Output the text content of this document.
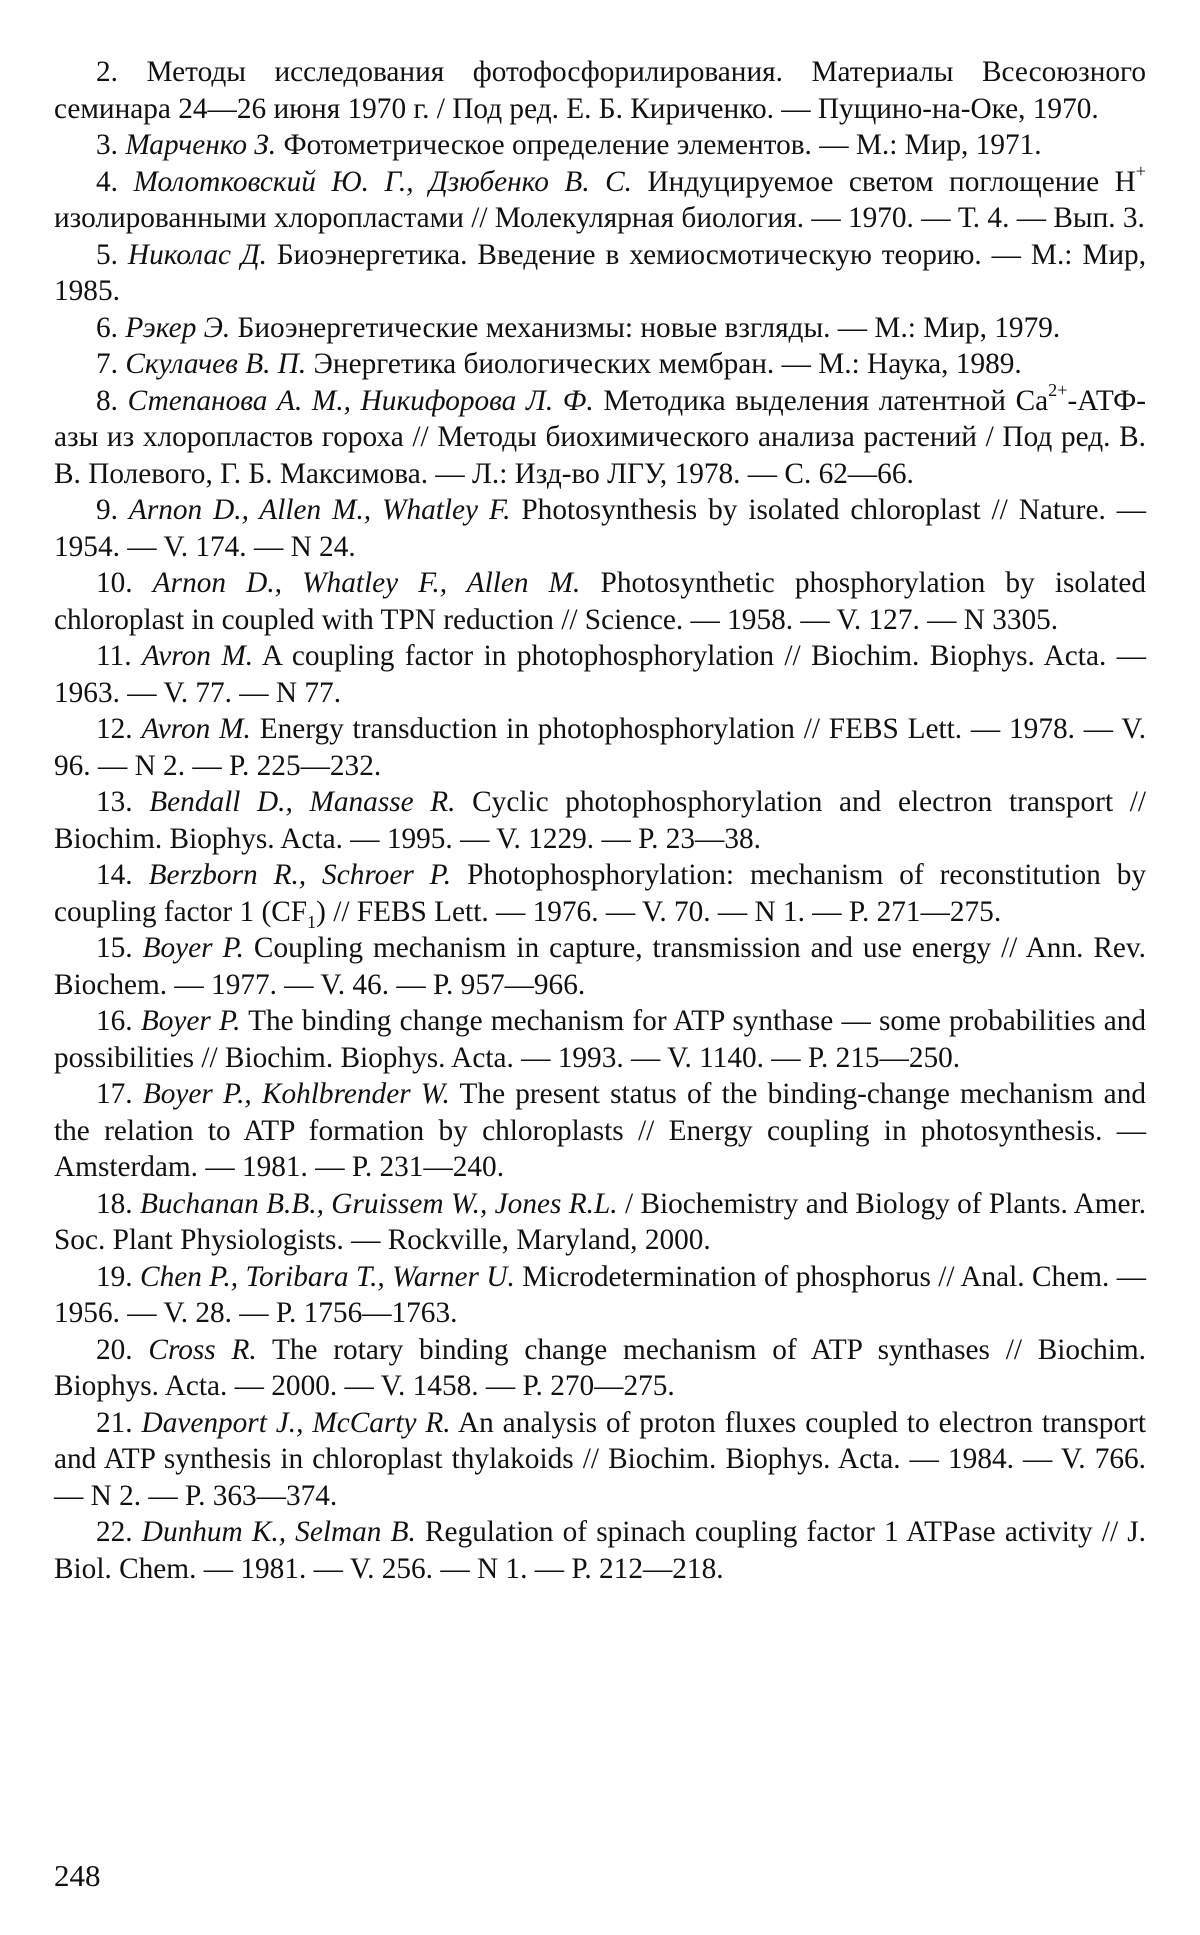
2. Методы исследования фотофосфорилирования. Материалы Всесоюзного семинара 24—26 июня 1970 г. / Под ред. Е. Б. Кириченко. — Пущино-на-Оке, 1970.

3. Марченко З. Фотометрическое определение элементов. — М.: Мир, 1971.

4. Молотковский Ю. Г., Дзюбенко В. С. Индуцируемое светом поглощение H+ изолированными хлоропластами // Молекулярная биология. — 1970. — Т. 4. — Вып. 3.

5. Николас Д. Биоэнергетика. Введение в хемиосмотическую теорию. — М.: Мир, 1985.

6. Рэкер Э. Биоэнергетические механизмы: новые взгляды. — М.: Мир, 1979.

7. Скулачев В. П. Энергетика биологических мембран. — М.: Наука, 1989.

8. Степанова А. М., Никифорова Л. Ф. Методика выделения латентной $Ca^{2+}-АТФ$-азы из хлоропластов гороха // Методы биохимического анализа растений / Под ред. В. В. Полевого, Г. Б. Максимова. — Л.: Изд-во ЛГУ, 1978. — С. 62—66.

9. Arnon D., Allen M., Whatley F. Photosynthesis by isolated chloroplast // Nature. — 1954. — V. 174. — N 24.

10. Arnon D., Whatley F., Allen M. Photosynthetic phosphorylation by isolated chloroplast in coupled with TPN reduction // Science. — 1958. — V. 127. — N 3305.

11. Avron M. A coupling factor in photophosphorylation // Biochim. Biophys. Acta. — 1963. — V. 77. — N 77.

12. Avron M. Energy transduction in photophosphorylation // FEBS Lett. — 1978. — V. 96. — N 2. — P. 225—232.

13. Bendall D., Manasse R. Cyclic photophosphorylation and electron transport // Biochim. Biophys. Acta. — 1995. — V. 1229. — P. 23—38.

14. Berzborn R., Schroer P. Photophosphorylation: mechanism of reconstitution by coupling factor 1 $(CF_1)$ // FEBS Lett. — 1976. — V. 70. — N 1. — P. 271—275.

15. Boyer P. Coupling mechanism in capture, transmission and use energy // Ann. Rev. Biochem. — 1977. — V. 46. — P. 957—966.

16. Boyer P. The binding change mechanism for ATP synthase — some probabilities and possibilities // Biochim. Biophys. Acta. — 1993. — V. 1140. — P. 215—250.

17. Boyer P., Kohlbrender W. The present status of the binding-change mechanism and the relation to ATP formation by chloroplasts // Energy coupling in photosynthesis. — Amsterdam. — 1981. — P. 231—240.

18. Buchanan B.B., Gruissem W., Jones R.L. / Biochemistry and Biology of Plants. Amer. Soc. Plant Physiologists. — Rockville, Maryland, 2000.

19. Chen P., Toribara T., Warner U. Microdetermination of phosphorus // Anal. Chem. — 1956. — V. 28. — P. 1756—1763.

20. Cross R. The rotary binding change mechanism of ATP synthases // Biochim. Biophys. Acta. — 2000. — V. 1458. — P. 270—275.

21. Davenport J., McCarty R. An analysis of proton fluxes coupled to electron transport and ATP synthesis in chloroplast thylakoids // Biochim. Biophys. Acta. — 1984. — V. 766. — N 2. — P. 363—374.

22. Dunhum K., Selman B. Regulation of spinach coupling factor 1 ATPase activity // J. Biol. Chem. — 1981. — V. 256. — N 1. — P. 212—218.

248
